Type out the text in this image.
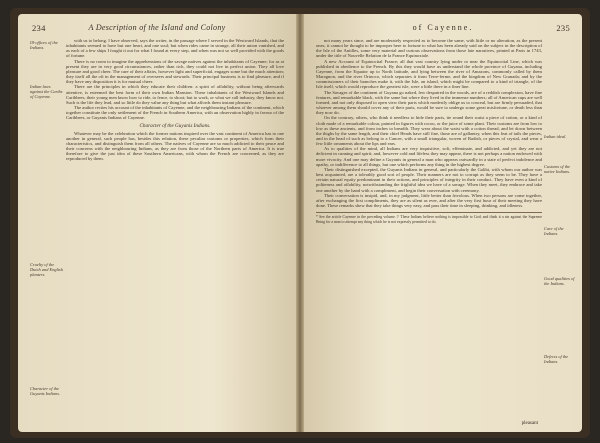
234	A Description of the Island and Colony
Ill-offices of the Indians.
Indian laws against the Caribs of Cayenne.
Cruelty of the Dutch and English planters.
Character of the Guyanis Indians.

with us to belong. I have observed, says the writer, in the passage where I served in the Westward Islands, that the inhabitants seemed to have but one heart, and one soul; but when rides came in strange, all their union vanished, and as each of a few ships I fought it out for what I found at every step, and when was not so well provided with the goods of fortune.

There is no room to imagine the apprehensions of the savage natives against the inhabitants of Cayenne; for as at present they are in very good circumstances, rather than rich, they could not live in perfect union. They all love pleasure and good cheer. The care of their affairs, however light and superficial, engages some but the much attention; they itself all the oft in the management of overseers and stewards. Their principal business is to find pleasure, and if they have any disposition it is for mutual cheer.

There are the principles in which they educate their children: a spirit of affability, without being afterwards attentive, is esteemed the best form of their own Indian Mansion. These inhabitants of the Westward Islands and Caribbees, their young men know how to ride, to fence, to shoot; but to work, or what we call industry, they know not. Such is the life they lead, and so little do they value any thing but what affords them instant pleasure.

The author recites his account of the inhabitants of Cayenne, and the neighbouring Indians of the continent, which together constitute the only settlement of the French in Southern America, with an observation highly in favour of the Caribbees, or Guyanis Indians of Cayenne.

Character of the Guyanis Indians.

Whatever may be the celebration which the former nations inspired over the vast continent of America has to one another in general, such people has, besides this relation, these peculiar customs or properties, which form their characteristics, and distinguish them from all others. The natives of Cayenne are so much addicted to their peace and their concerns with the neighbouring Indians, as they are from those of the Northern parts of America. It is true therefore to give the just idea of these Southern Americans, with whom the French are concerned, as they are reproduced by them.

of Cayenne.	235
Indian ideal.
Customs of the native Indians.
Care of the Indians.
Good qualities of the Indians.
Defects of the Indians.

not many years since, and are moderately respected as to become the same, with little or no alteration, as the present ones, it cannot be thought to be improper here to fortune to what has been already said on the subject in the description of the Isle of the Antilles, some very material and curious observations from those late narratives, printed at Paris in 1743, under the title of Nouvelle Relation de la France Equinoxiale.

A new Account of Equinoctial France; all that vast country lying under or near the Equinoctial Line, which was published in obedience to the French. By this they would have us understand the whole province of Guyana, including Cayenne, from the Equator up to North latitude, and lying between the river of Amazons, commonly called by them Maragnon, and the river Orinoco, which separates it from Terre-ferme, and the kingdom of New Granada; and by the commissioners of their branches make it, with the Isle, an island, which might be compared to a kind of triangle, of the Isle itself, which would reproduce the greatest isle, were a little there in a finer line.

The Savages of the continent of Guyana go naked, few despaired in the woods, are of a reddish complexion, have fine features, and remarkable black, with the same but where they lived in the immense numbers; all of American cups are well formed, and not only disposed to open view their parts which modestly oblige us to conceal, but are firmly persuaded, that whoever among them should cover any of their parts, would be sure to undergo some great misfortune, or death less than they now do.

On the contrary, others, who think it needless to hide their parts, tie round their waist a piece of cotton, or a kind of cloth made of a remarkable colour, painted in figures with rocou, or the juice of some plant. Their customs are from low to low as these ancients, and from inches to breadth. They wear about the waist with a cotton thread, and let down between the thighs by the same length, and their chief Heads have still fine, those are of gallantry, when this feat of tails the pieces, and in the head of such as belong to a Cancer, with a small triangular, woven of Radish, or pieces of crystal, and wear a few little ornaments about the lips and ears.

As to qualities of the mind, all Indians are very inquisitive, soft, effeminate, and addicted, and yet they are not deficient in cunning and spirit; and, however cold and lifeless they may appear, there is not perhaps a nation endowed with more vivacity. And one may define a Guyanis in general a man who appears outwardly in a state of perfect indolence and apathy, or indifference to all things, but one which performs any thing in the highest degree.

Their distinguished excepted, the Guyanis Indians in general, and particularly the Galibi, with whom our author was best acquainted, are a tolerably good sort of people. Their manners are not to corrupt as they seem to be. They have a certain natural equity predominant in their actions, and principles of integrity in their conduct. They have even a kind of politeness and affability, notwithstanding the frightful idea we have of a savage. When they meet, they embrace and take one another by the hand with a compliment, and begin their conversation with ceremony.

Their conversation is insipid, and, in my judgment, little better than frivolous. When two persons are come together, after exchanging the first compliments, they are as silent as ever, and after the very first hour of their meeting they have done. These remarks shew that they take things very easy, and pass their time in sleeping, drinking, and idleness.

* See the article Cayenne in the preceding volume. † These Indians believe nothing is impossible to God; and think it a sin against the Supreme Being for a man to attempt any thing which he is not expressly permitted to do.
pleasant
